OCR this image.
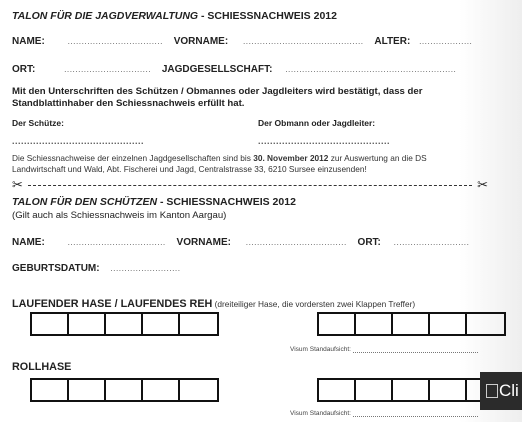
TALON FÜR DIE JAGDVERWALTUNG - SCHIESSNACHWEIS 2012
NAME:	.................................. VORNAME: ........................................... ALTER: ...................
ORT:	............................... JAGDGESELLSCHAFT: .............................................................
Mit den Unterschriften des Schützen / Obmannes oder Jagdleiters wird bestätigt, dass der
Standblattinhaber den Schiessnachweis erfüllt hat.
Der Schütze:	Der Obmann oder Jagdleiter:
............................................	............................................
Die Schiessnachweise der einzelnen Jagdgesellschaften sind bis 30. November 2012 zur Auswertung an die DS
Landwirtschaft und Wald, Abt. Fischerei und Jagd, Centralstrasse 33, 6210 Sursee einzusenden!
✂	✂
TALON FÜR DEN SCHÜTZEN - SCHIESSNACHWEIS 2012
(Gilt auch als Schiessnachweis im Kanton Aargau)
NAME:	................................... VORNAME: .................................... ORT: ...........................
GEBURTSDATUM: .........................
LAUFENDER HASE / LAUFENDES REH (dreiteiliger Hase, die vordersten zwei Klappen Treffer)
Visum Standaufsicht:
ROLLHASE
Visum Standaufsicht:
Cli
